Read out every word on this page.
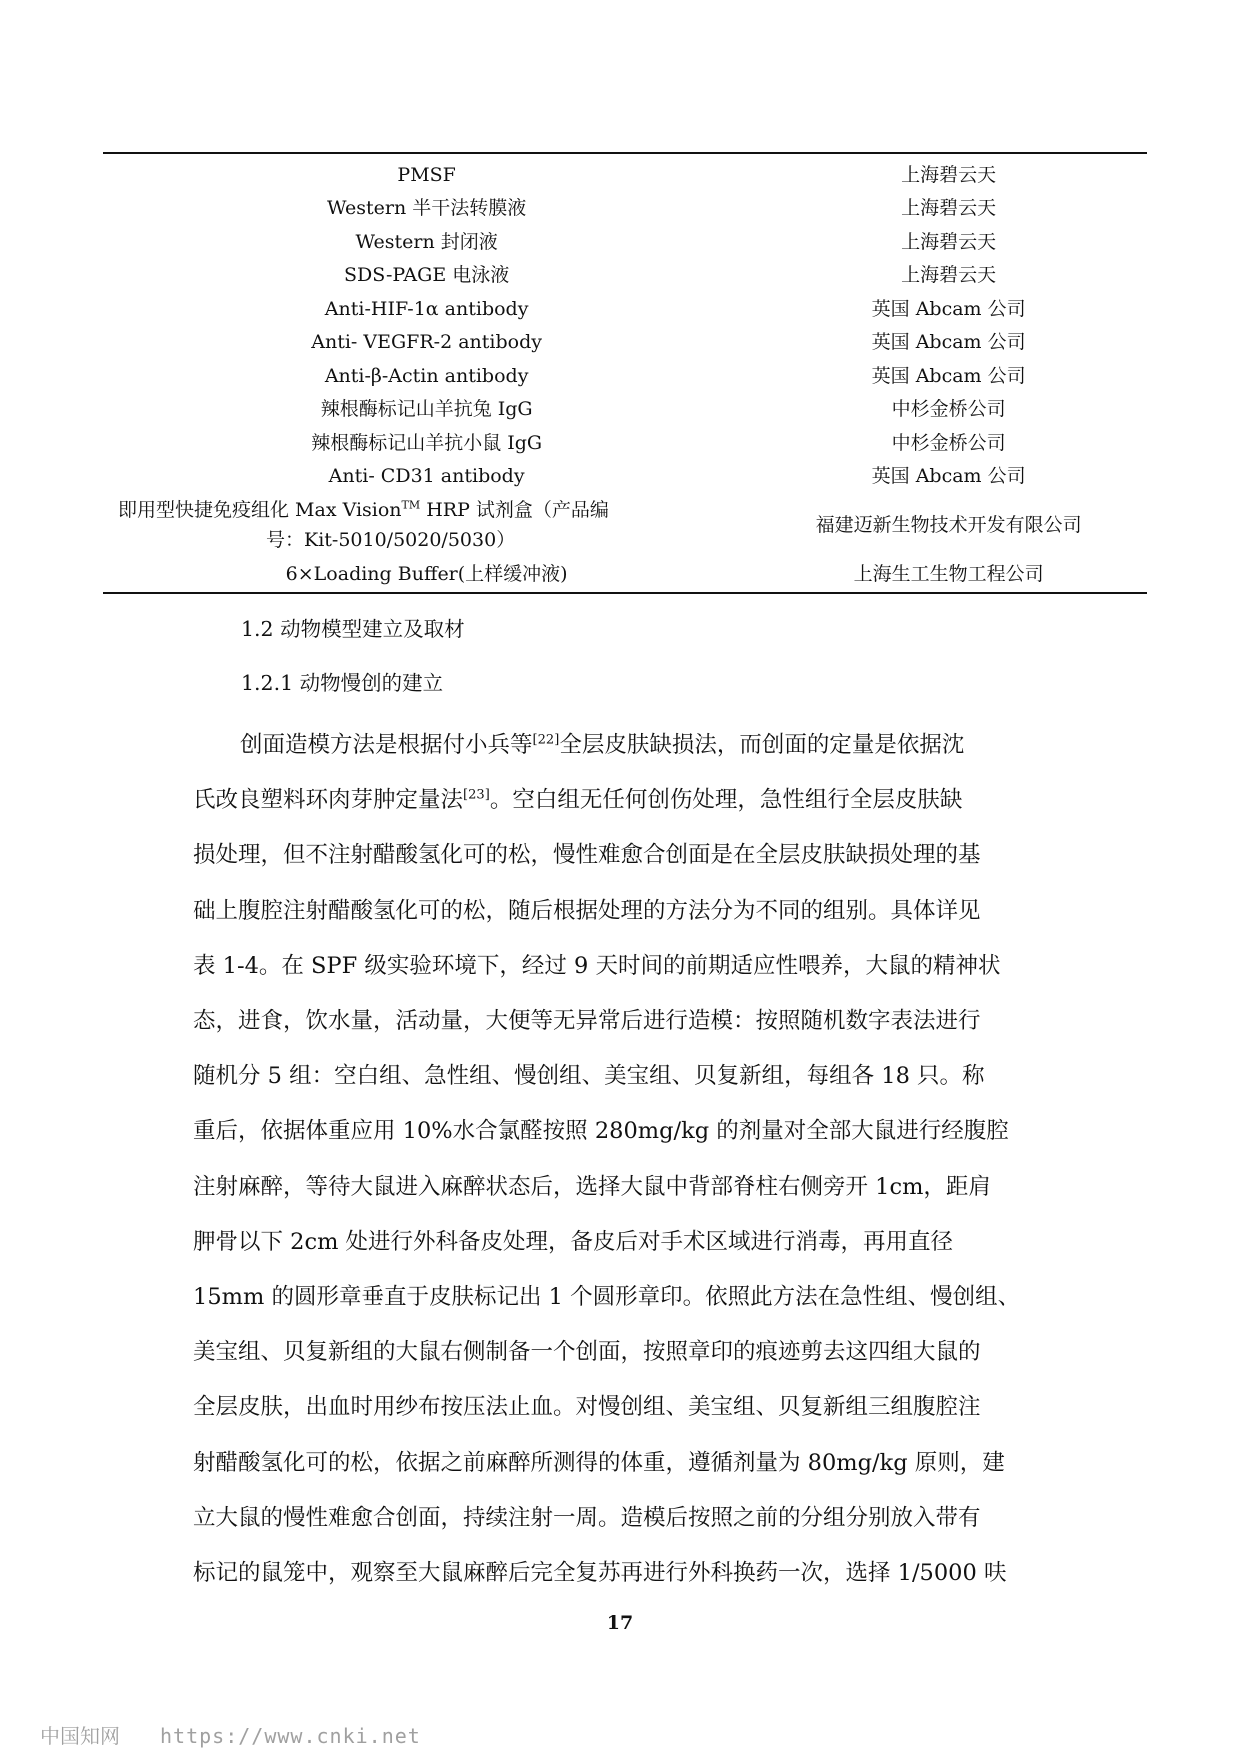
PMSF	上海碧云天
Western 半干法转膜液	上海碧云天
Western 封闭液	上海碧云天
SDS-PAGE 电泳液	上海碧云天
Anti-HIF-1α antibody	英国 Abcam 公司
Anti- VEGFR-2 antibody	英国 Abcam 公司
Anti-β-Actin antibody	英国 Abcam 公司
辣根酶标记山羊抗兔 IgG	中杉金桥公司
辣根酶标记山羊抗小鼠 IgG	中杉金桥公司
Anti- CD31 antibody	英国 Abcam 公司

即用型快捷免疫组化 Max Vision™ HRP 试剂盒（产品编
号：Kit-5010/5020/5030）	福建迈新生物技术开发有限公司
6×Loading Buffer(上样缓冲液)	上海生工生物工程公司
1.2 动物模型建立及取材
1.2.1 动物慢创的建立
创面造模方法是根据付小兵等[22]全层皮肤缺损法，而创面的定量是依据沈
氏改良塑料环肉芽肿定量法[23]。空白组无任何创伤处理，急性组行全层皮肤缺
损处理，但不注射醋酸氢化可的松，慢性难愈合创面是在全层皮肤缺损处理的基
础上腹腔注射醋酸氢化可的松，随后根据处理的方法分为不同的组别。具体详见
表 1-4。在 SPF 级实验环境下，经过 9 天时间的前期适应性喂养，大鼠的精神状
态，进食，饮水量，活动量，大便等无异常后进行造模：按照随机数字表法进行
随机分 5 组：空白组、急性组、慢创组、美宝组、贝复新组，每组各 18 只。称
重后，依据体重应用 10%水合氯醛按照 280mg/kg 的剂量对全部大鼠进行经腹腔
注射麻醉，等待大鼠进入麻醉状态后，选择大鼠中背部脊柱右侧旁开 1cm，距肩
胛骨以下 2cm 处进行外科备皮处理，备皮后对手术区域进行消毒，再用直径
15mm 的圆形章垂直于皮肤标记出 1 个圆形章印。依照此方法在急性组、慢创组、
美宝组、贝复新组的大鼠右侧制备一个创面，按照章印的痕迹剪去这四组大鼠的
全层皮肤，出血时用纱布按压法止血。对慢创组、美宝组、贝复新组三组腹腔注
射醋酸氢化可的松，依据之前麻醉所测得的体重，遵循剂量为 80mg/kg 原则，建
立大鼠的慢性难愈合创面，持续注射一周。造模后按照之前的分组分别放入带有
标记的鼠笼中，观察至大鼠麻醉后完全复苏再进行外科换药一次，选择 1/5000 呋
17
中国知网 https://www.cnki.net
